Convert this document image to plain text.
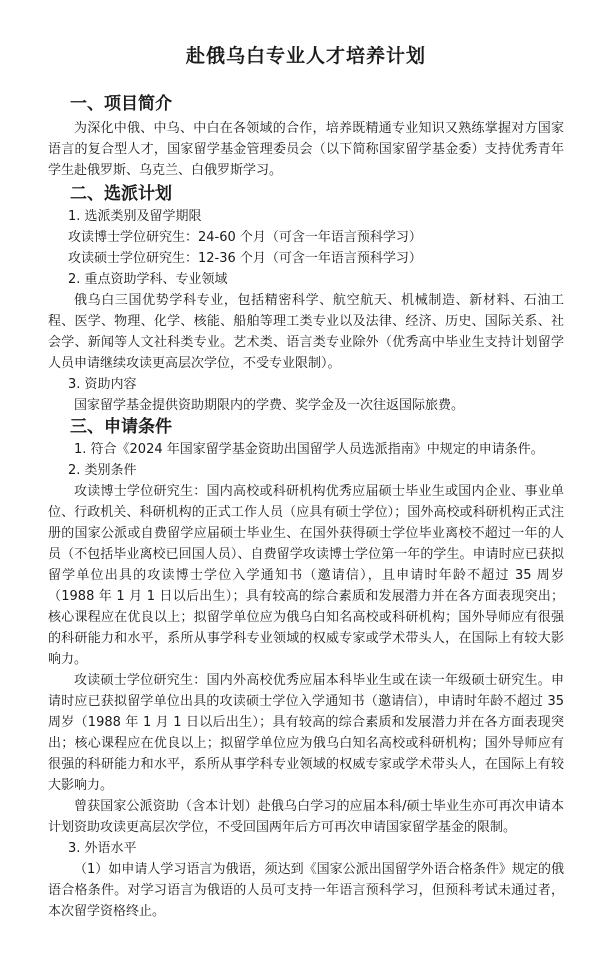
赴俄乌白专业人才培养计划
一、项目简介

为深化中俄、中乌、中白在各领域的合作，培养既精通专业知识又熟练掌握对方国家语言的复合型人才，国家留学基金管理委员会（以下简称国家留学基金委）支持优秀青年学生赴俄罗斯、乌克兰、白俄罗斯学习。

二、选派计划

1. 选派类别及留学期限

攻读博士学位研究生：24-60 个月（可含一年语言预科学习）

攻读硕士学位研究生：12-36 个月（可含一年语言预科学习）

2. 重点资助学科、专业领域

俄乌白三国优势学科专业，包括精密科学、航空航天、机械制造、新材料、石油工程、医学、物理、化学、核能、船舶等理工类专业以及法律、经济、历史、国际关系、社会学、新闻等人文社科类专业。艺术类、语言类专业除外（优秀高中毕业生支持计划留学人员申请继续攻读更高层次学位，不受专业限制）。

3. 资助内容

国家留学基金提供资助期限内的学费、奖学金及一次往返国际旅费。

三、申请条件

1. 符合《2024 年国家留学基金资助出国留学人员选派指南》中规定的申请条件。

2. 类别条件

攻读博士学位研究生：国内高校或科研机构优秀应届硕士毕业生或国内企业、事业单位、行政机关、科研机构的正式工作人员（应具有硕士学位）；国外高校或科研机构正式注册的国家公派或自费留学应届硕士毕业生、在国外获得硕士学位毕业离校不超过一年的人员（不包括毕业离校已回国人员）、自费留学攻读博士学位第一年的学生。申请时应已获拟留学单位出具的攻读博士学位入学通知书（邀请信），且申请时年龄不超过 35 周岁（1988 年 1 月 1 日以后出生）；具有较高的综合素质和发展潜力并在各方面表现突出；核心课程应在优良以上；拟留学单位应为俄乌白知名高校或科研机构；国外导师应有很强的科研能力和水平，系所从事学科专业领域的权威专家或学术带头人，在国际上有较大影响力。

攻读硕士学位研究生：国内外高校优秀应届本科毕业生或在读一年级硕士研究生。申请时应已获拟留学单位出具的攻读硕士学位入学通知书（邀请信），申请时年龄不超过 35 周岁（1988 年 1 月 1 日以后出生）；具有较高的综合素质和发展潜力并在各方面表现突出；核心课程应在优良以上；拟留学单位应为俄乌白知名高校或科研机构；国外导师应有很强的科研能力和水平，系所从事学科专业领域的权威专家或学术带头人，在国际上有较大影响力。

曾获国家公派资助（含本计划）赴俄乌白学习的应届本科/硕士毕业生亦可再次申请本计划资助攻读更高层次学位，不受回国两年后方可再次申请国家留学基金的限制。

3. 外语水平

（1）如申请人学习语言为俄语，须达到《国家公派出国留学外语合格条件》规定的俄语合格条件。对学习语言为俄语的人员可支持一年语言预科学习，但预科考试未通过者，本次留学资格终止。
